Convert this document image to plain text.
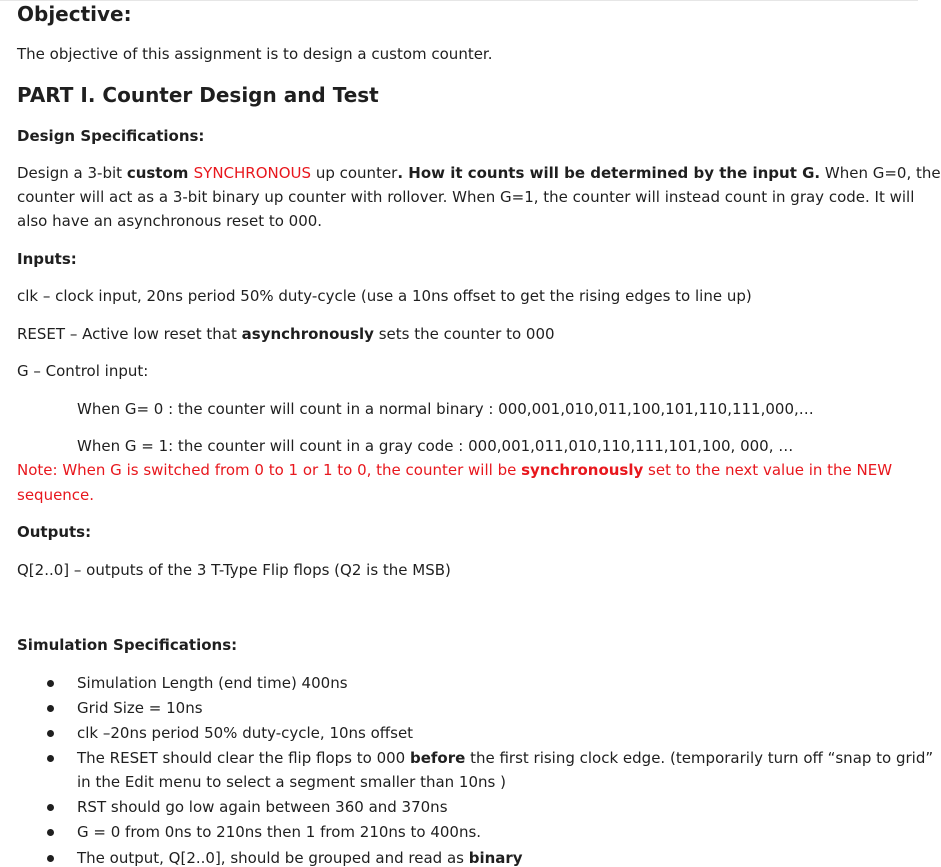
Objective:
The objective of this assignment is to design a custom counter.
PART I. Counter Design and Test
Design Specifications:
Design a 3-bit custom SYNCHRONOUS up counter. How it counts will be determined by the input G. When G=0, the
counter will act as a 3-bit binary up counter with rollover. When G=1, the counter will instead count in gray code. It will
also have an asynchronous reset to 000.
Inputs:
clk – clock input, 20ns period 50% duty-cycle (use a 10ns offset to get the rising edges to line up)
RESET – Active low reset that asynchronously sets the counter to 000
G – Control input:
When G= 0 : the counter will count in a normal binary : 000,001,010,011,100,101,110,111,000,…
When G = 1: the counter will count in a gray code : 000,001,011,010,110,111,101,100, 000, …
Note: When G is switched from 0 to 1 or 1 to 0, the counter will be synchronously set to the next value in the NEW
sequence.
Outputs:
Q[2..0] – outputs of the 3 T-Type Flip flops (Q2 is the MSB)
Simulation Specifications:
Simulation Length (end time) 400ns
Grid Size = 10ns
clk –20ns period 50% duty-cycle, 10ns offset
The RESET should clear the flip flops to 000 before the first rising clock edge. (temporarily turn off “snap to grid”
in the Edit menu to select a segment smaller than 10ns )
RST should go low again between 360 and 370ns
G = 0 from 0ns to 210ns then 1 from 210ns to 400ns.
The output, Q[2..0], should be grouped and read as binary
